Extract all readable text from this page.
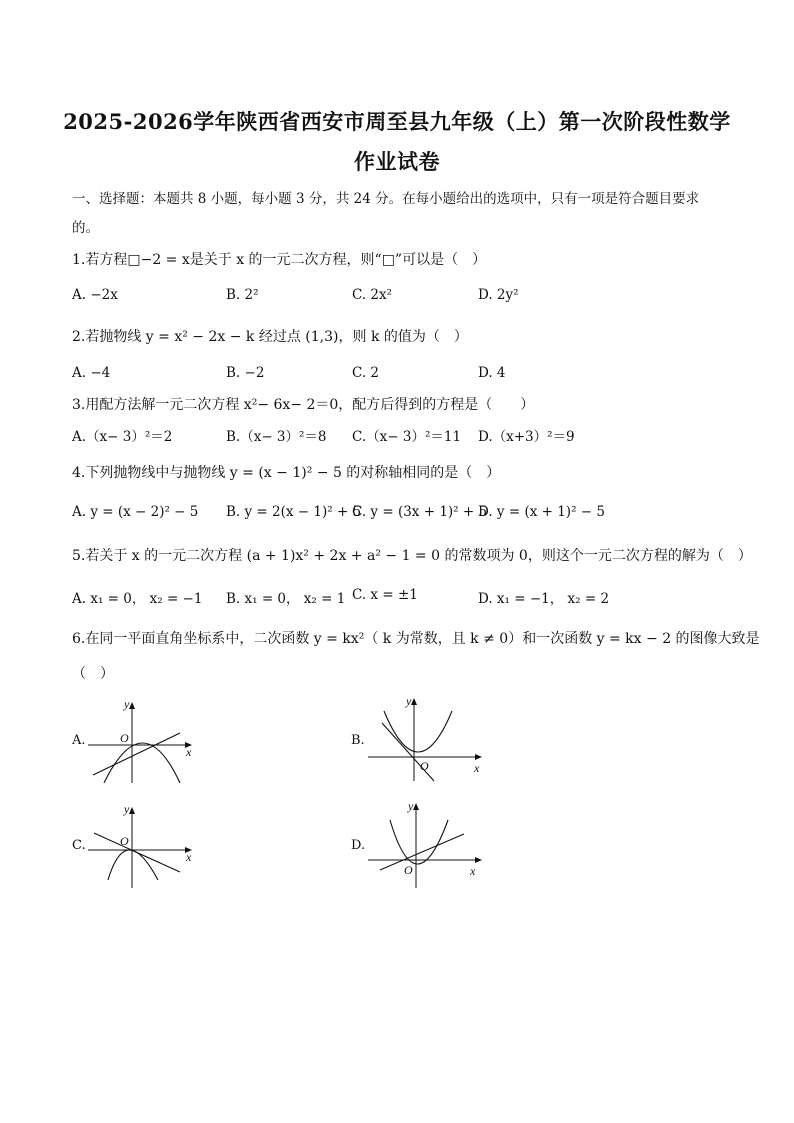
2025-2026学年陕西省西安市周至县九年级（上）第一次阶段性数学
作业试卷
一、选择题：本题共 8 小题，每小题 3 分，共 24 分。在每小题给出的选项中，只有一项是符合题目要求
的。
1.若方程□−2 = x是关于 x 的一元二次方程，则“□”可以是（　）
A. −2x	B. 2²	C. 2x²	D. 2y²
2.若抛物线 y = x² − 2x − k 经过点 (1,3)，则 k 的值为（　）
A. −4	B. −2	C. 2	D. 4
3.用配方法解一元二次方程 x²− 6x− 2＝0，配方后得到的方程是（　　）
A.（x− 3）²＝2	B.（x− 3）²＝8 C.（x− 3）²＝11 D.（x+3）²＝9
4.下列抛物线中与抛物线 y = (x − 1)² − 5 的对称轴相同的是（　）
A. y = (x − 2)² − 5 B. y = 2(x − 1)² + 5
C. y = (3x + 1)² + 5
D. y = (x + 1)² − 5
5.若关于 x 的一元二次方程 (a + 1)x² + 2x + a² − 1 = 0 的常数项为 0，则这个一元二次方程的解为（　）
A. x₁ = 0， x₂ = −1 B. x₁ = 0， x₂ = 1 C. x = ±1	D. x₁ = −1， x₂ = 2
6.在同一平面直角坐标系中，二次函数 y = kx²（ k 为常数，且 k ≠ 0）和一次函数 y = kx − 2 的图像大致是
（　）
A.
y
x
O	B.
y
x
O
C.
y
x
O	D.
y
x
O
